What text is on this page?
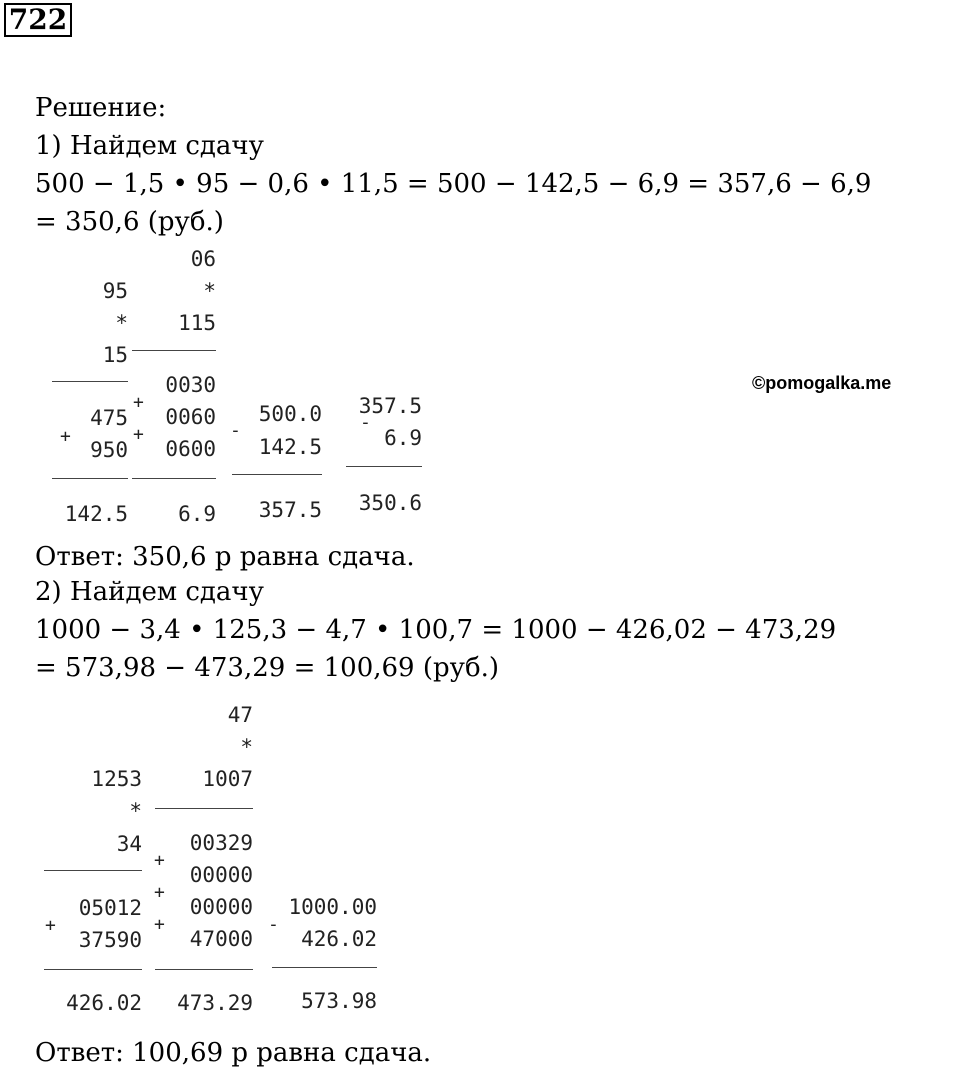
722
Решение:
1) Найдем сдачу
500 − 1,5 • 95 − 0,6 • 11,5 = 500 − 142,5 − 6,9 = 357,6 − 6,9
= 350,6 (руб.)
95
*
15
475
+
950
142.5
06
*
115
0030
+
0060
+
0600
6.9
500.0
-
142.5
357.5
357.5
-
6.9
350.6
©pomogalka.me
Ответ: 350,6 р равна сдача.
2) Найдем сдачу
1000 − 3,4 • 125,3 − 4,7 • 100,7 = 1000 − 426,02 − 473,29
= 573,98 − 473,29 = 100,69 (руб.)
1253
*
34
05012
+
37590
426.02
47
*
1007
00329
+
00000
+
00000
+
47000
473.29
1000.00
-
426.02
573.98
Ответ: 100,69 р равна сдача.
